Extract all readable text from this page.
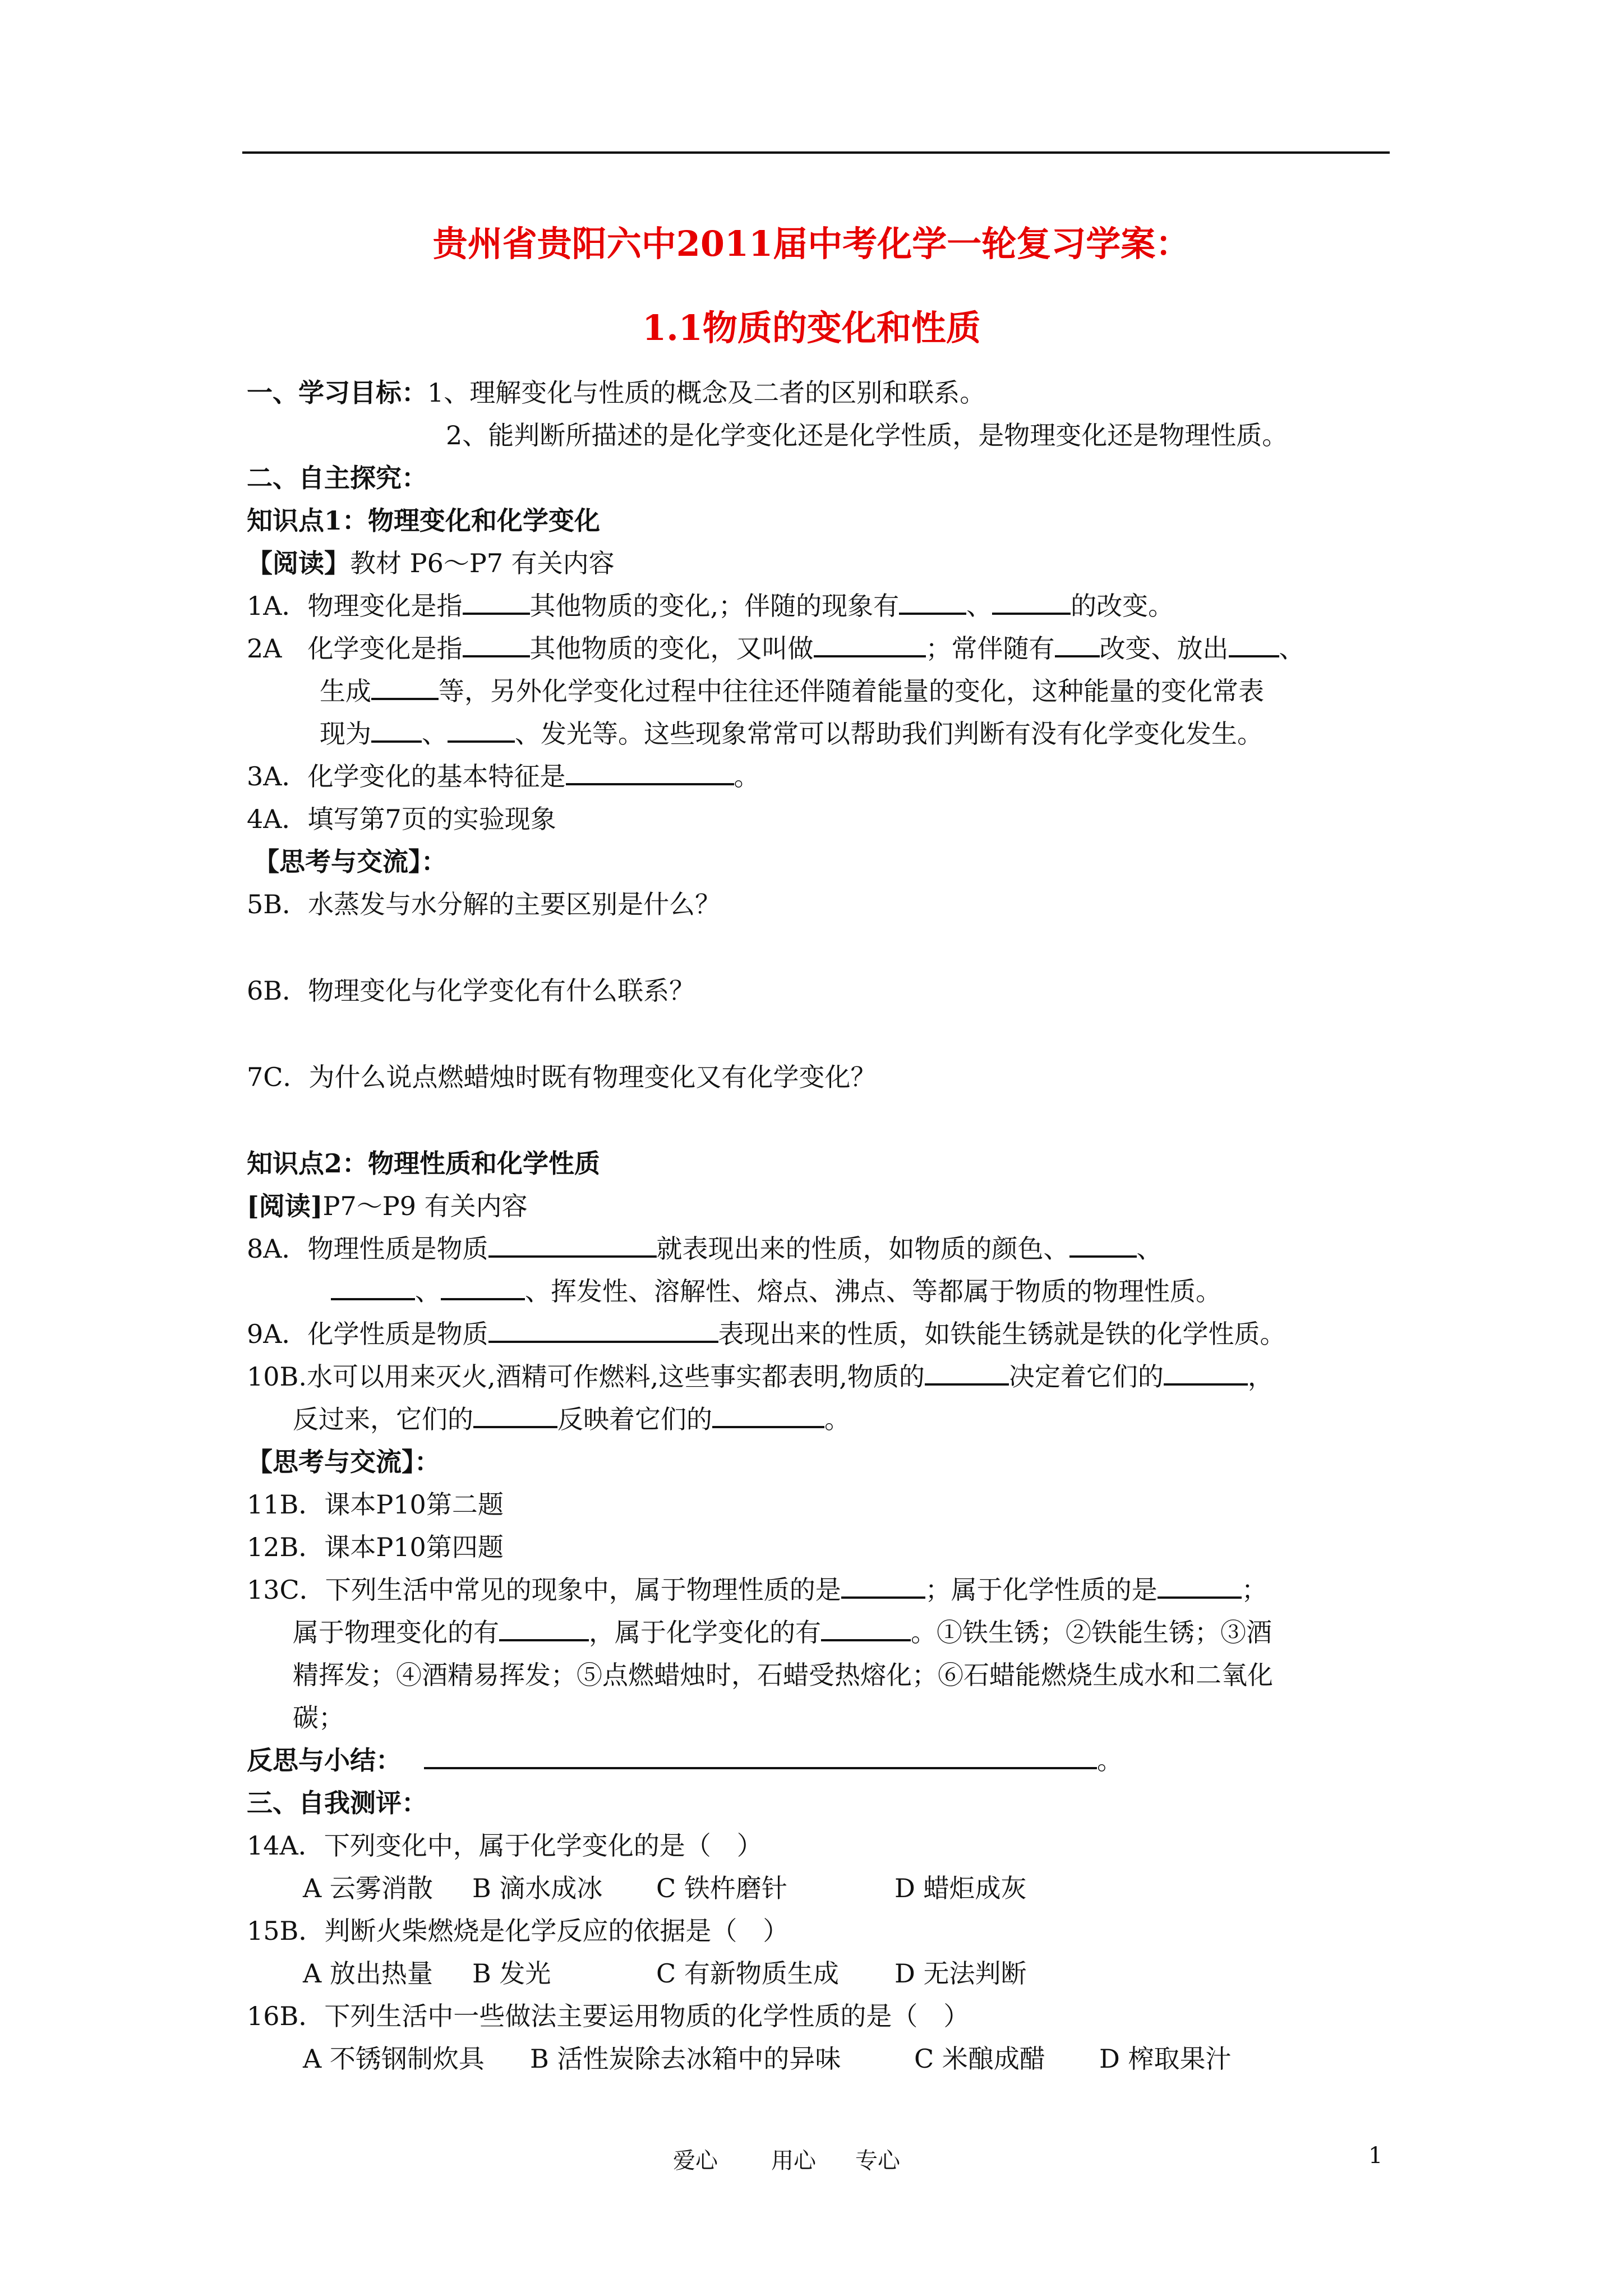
贵州省贵阳六中2011届中考化学一轮复习学案：
1.1物质的变化和性质
一、学习目标：1、理解变化与性质的概念及二者的区别和联系。
2、能判断所描述的是化学变化还是化学性质，是物理变化还是物理性质。
二、自主探究：
知识点1：物理变化和化学变化
【阅读】教材 P6～P7 有关内容
1A．物理变化是指	其他物质的变化,；伴随的现象有	、	的改变。
2A　化学变化是指	其他物质的变化，又叫做	；常伴随有 改变、放出 、
生成	等，另外化学变化过程中往往还伴随着能量的变化，这种能量的变化常表
现为 、	、发光等。这些现象常常可以帮助我们判断有没有化学变化发生。
3A．化学变化的基本特征是	。
4A．填写第7页的实验现象
【思考与交流】：
5B．水蒸发与水分解的主要区别是什么？
6B．物理变化与化学变化有什么联系？
7C．为什么说点燃蜡烛时既有物理变化又有化学变化？
知识点2：物理性质和化学性质
[阅读]P7～P9 有关内容
8A．物理性质是物质	就表现出来的性质，如物质的颜色、	、
、	、挥发性、溶解性、熔点、沸点、等都属于物质的物理性质。
9A．化学性质是物质	表现出来的性质，如铁能生锈就是铁的化学性质。
10B.水可以用来灭火,酒精可作燃料,这些事实都表明,物质的	决定着它们的	，
反过来，它们的	反映着它们的	。
【思考与交流】：
11B．课本P10第二题
12B．课本P10第四题
13C．下列生活中常见的现象中，属于物理性质的是	；属于化学性质的是	；
属于物理变化的有	，属于化学变化的有	。①铁生锈；②铁能生锈；③酒
精挥发；④酒精易挥发；⑤点燃蜡烛时，石蜡受热熔化；⑥石蜡能燃烧生成水和二氧化
碳；
反思与小结：	。
三、自我测评：
14A．下列变化中，属于化学变化的是（　）
A 云雾消散 B 滴水成冰 C 铁杵磨针	D 蜡炬成灰
15B．判断火柴燃烧是化学反应的依据是（　）
A 放出热量 B 发光	C 有新物质生成 D 无法判断
16B．下列生活中一些做法主要运用物质的化学性质的是（　）
A 不锈钢制炊具 B 活性炭除去冰箱中的异味	C 米酿成醋 D 榨取果汁
爱心 用心 专心	1
